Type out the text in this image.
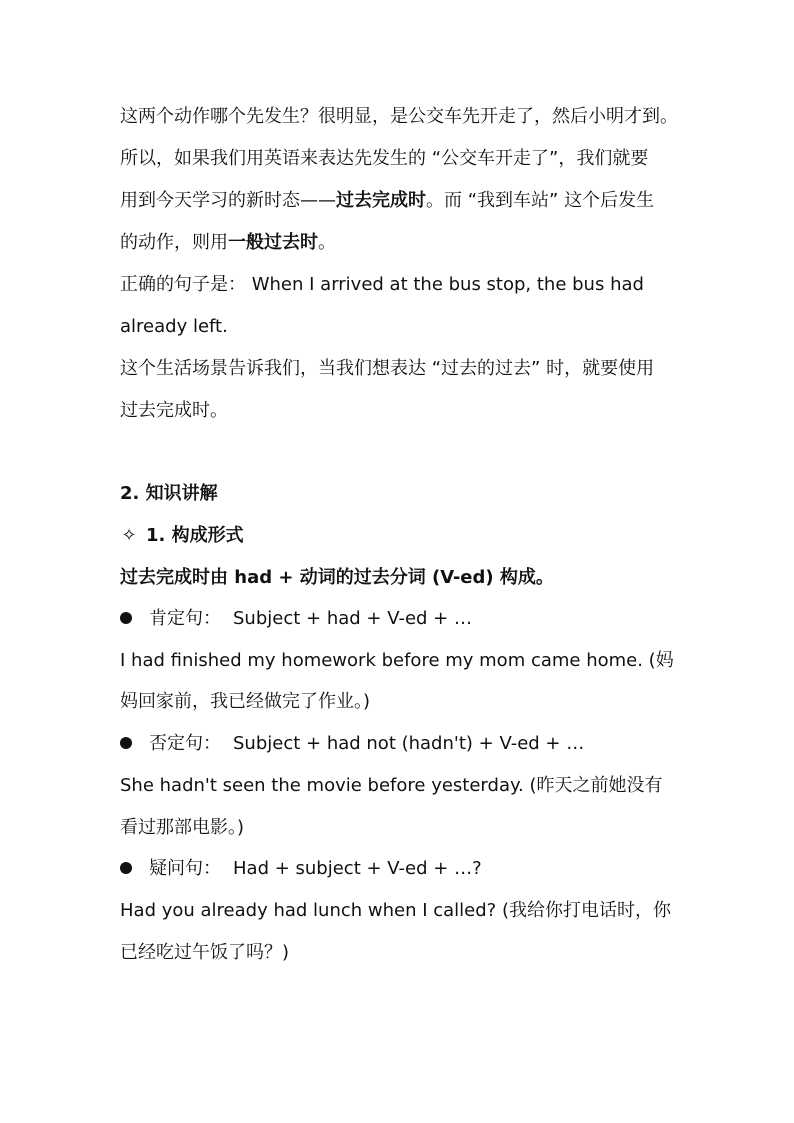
这两个动作哪个先发生？很明显，是公交车先开走了，然后小明才到。
所以，如果我们用英语来表达先发生的 “公交车开走了”，我们就要
用到今天学习的新时态——过去完成时。而 “我到车站” 这个后发生
的动作，则用一般过去时。
正确的句子是： When I arrived at the bus stop, the bus had
already left.
这个生活场景告诉我们，当我们想表达 “过去的过去” 时，就要使用
过去完成时。
2. 知识讲解
✧ 1. 构成形式
过去完成时由 had + 动词的过去分词 (V-ed) 构成。
肯定句： Subject + had + V-ed + …
I had finished my homework before my mom came home. (妈
妈回家前，我已经做完了作业。)
否定句： Subject + had not (hadn't) + V-ed + …
She hadn't seen the movie before yesterday. (昨天之前她没有
看过那部电影。)
疑问句： Had + subject + V-ed + …?
Had you already had lunch when I called? (我给你打电话时，你
已经吃过午饭了吗？)
